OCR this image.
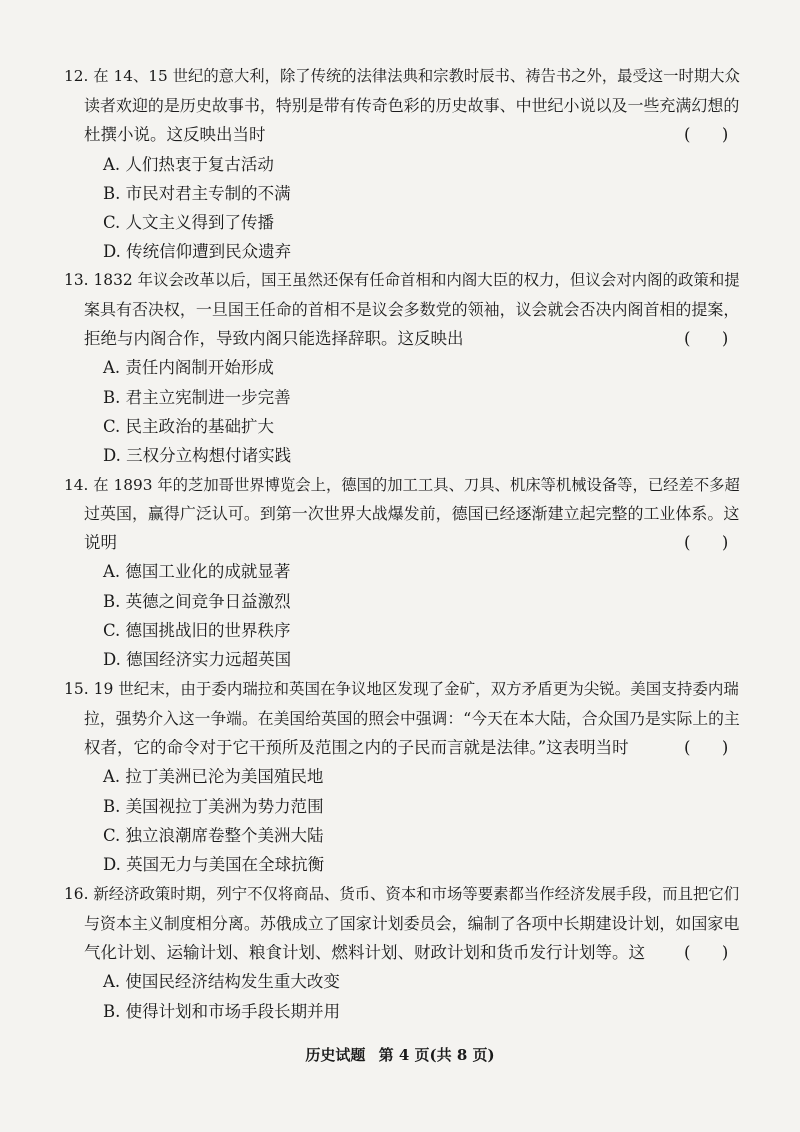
12. 在 14、15 世纪的意大利，除了传统的法律法典和宗教时辰书、祷告书之外，最受这一时期大众
读者欢迎的是历史故事书，特别是带有传奇色彩的历史故事、中世纪小说以及一些充满幻想的
杜撰小说。这反映出当时	(      )
A. 人们热衷于复古活动
B. 市民对君主专制的不满
C. 人文主义得到了传播
D. 传统信仰遭到民众遗弃
13. 1832 年议会改革以后，国王虽然还保有任命首相和内阁大臣的权力，但议会对内阁的政策和提
案具有否决权，一旦国王任命的首相不是议会多数党的领袖，议会就会否决内阁首相的提案，
拒绝与内阁合作，导致内阁只能选择辞职。这反映出	(      )
A. 责任内阁制开始形成
B. 君主立宪制进一步完善
C. 民主政治的基础扩大
D. 三权分立构想付诸实践
14. 在 1893 年的芝加哥世界博览会上，德国的加工工具、刀具、机床等机械设备等，已经差不多超
过英国，赢得广泛认可。到第一次世界大战爆发前，德国已经逐渐建立起完整的工业体系。这
说明	(      )
A. 德国工业化的成就显著
B. 英德之间竞争日益激烈
C. 德国挑战旧的世界秩序
D. 德国经济实力远超英国
15. 19 世纪末，由于委内瑞拉和英国在争议地区发现了金矿，双方矛盾更为尖锐。美国支持委内瑞
拉，强势介入这一争端。在美国给英国的照会中强调：“今天在本大陆，合众国乃是实际上的主
权者，它的命令对于它干预所及范围之内的子民而言就是法律。”这表明当时	(      )
A. 拉丁美洲已沦为美国殖民地
B. 美国视拉丁美洲为势力范围
C. 独立浪潮席卷整个美洲大陆
D. 英国无力与美国在全球抗衡
16. 新经济政策时期，列宁不仅将商品、货币、资本和市场等要素都当作经济发展手段，而且把它们
与资本主义制度相分离。苏俄成立了国家计划委员会，编制了各项中长期建设计划，如国家电
气化计划、运输计划、粮食计划、燃料计划、财政计划和货币发行计划等。这 (      )
A. 使国民经济结构发生重大改变
B. 使得计划和市场手段长期并用
历史试题 第 4 页(共 8 页)
